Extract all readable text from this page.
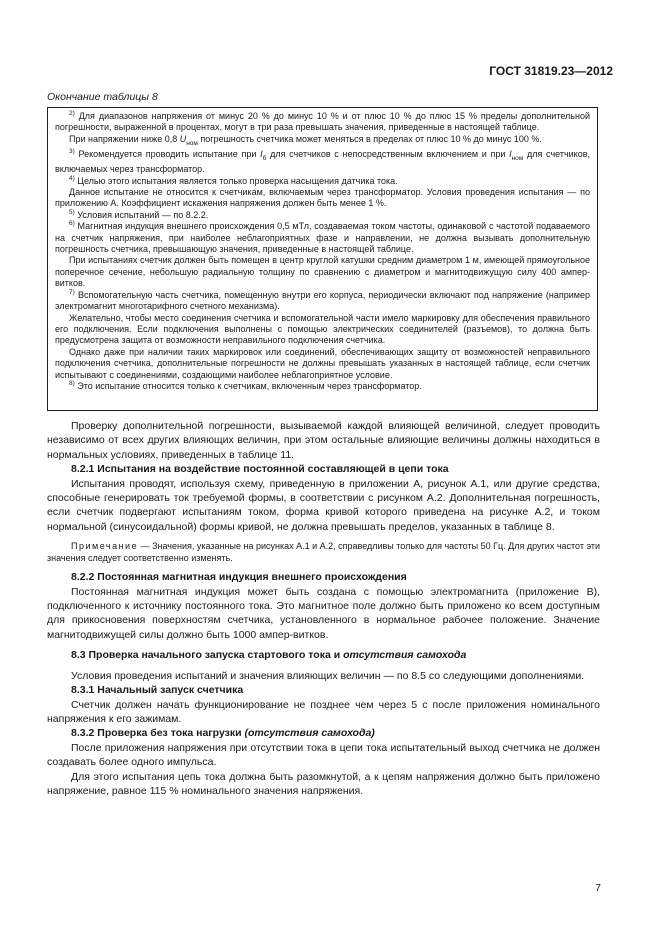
ГОСТ 31819.23—2012
Окончание таблицы 8

$^{2)}$ Для диапазонов напряжения от минус 20 % до минус 10 % и от плюс 10 % до плюс 15 % пределы дополнительной погрешности, выраженной в процентах, могут в три раза превышать значения, приведенные в настоящей таблице.

При напряжении ниже 0,8 $U_{ном}$ погрешность счетчика может меняться в пределах от плюс 10 % до минус 100 %.

$^{3)}$ Рекомендуется проводить испытание при $I_б$ для счетчиков с непосредственным включением и при $I_{ном}$ для счетчиков, включаемых через трансформатор.

$^{4)}$ Целью этого испытания является только проверка насыщения датчика тока.

Данное испытание не относится к счетчикам, включаемым через трансформатор. Условия проведения испытания — по приложению А. Коэффициент искажения напряжения должен быть менее 1 %.

$^{5)}$ Условия испытаний — по 8.2.2.

$^{6)}$ Магнитная индукция внешнего происхождения 0,5 мТл, создаваемая током частоты, одинаковой с частотой подаваемого на счетчик напряжения, при наиболее неблагоприятных фазе и направлении, не должна вызывать дополнительную погрешность счетчика, превышающую значения, приведенные в настоящей таблице.

При испытаниях счетчик должен быть помещен в центр круглой катушки средним диаметром 1 м, имеющей прямоугольное поперечное сечение, небольшую радиальную толщину по сравнению с диаметром и магнитодвижущую силу 400 ампер-витков.

$^{7)}$ Вспомогательную часть счетчика, помещенную внутри его корпуса, периодически включают под напряжение (например электромагнит многотарифного счетного механизма).

Желательно, чтобы место соединения счетчика и вспомогательной части имело маркировку для обеспечения правильного его подключения. Если подключения выполнены с помощью электрических соединителей (разъемов), то должна быть предусмотрена защита от возможности неправильного подключения счетчика.

Однако даже при наличии таких маркировок или соединений, обеспечивающих защиту от возможностей неправильного подключения счетчика, дополнительные погрешности не должны превышать указанных в настоящей таблице, если счетчик испытывают с соединениями, создающими наиболее неблагоприятное условие.

$^{8)}$ Это испытание относится только к счетчикам, включенным через трансформатор.

Проверку дополнительной погрешности, вызываемой каждой влияющей величиной, следует проводить независимо от всех других влияющих величин, при этом остальные влияющие величины должны находиться в нормальных условиях, приведенных в таблице 11.

8.2.1 Испытания на воздействие постоянной составляющей в цепи тока

Испытания проводят, используя схему, приведенную в приложении А, рисунок А.1, или другие средства, способные генерировать ток требуемой формы, в соответствии с рисунком А.2. Дополнительная погрешность, если счетчик подвергают испытаниям током, форма кривой которого приведена на рисунке А.2, и током нормальной (синусоидальной) формы кривой, не должна превышать пределов, указанных в таблице 8.

Примечание — Значения, указанные на рисунках А.1 и А.2, справедливы только для частоты 50 Гц. Для других частот эти значения следует соответственно изменять.

8.2.2 Постоянная магнитная индукция внешнего происхождения

Постоянная магнитная индукция может быть создана с помощью электромагнита (приложение В), подключенного к источнику постоянного тока. Это магнитное поле должно быть приложено ко всем доступным для прикосновения поверхностям счетчика, установленного в нормальное рабочее положение. Значение магнитодвижущей силы должно быть 1000 ампер-витков.

8.3 Проверка начального запуска стартового тока и отсутствия самохода

Условия проведения испытаний и значения влияющих величин — по 8.5 со следующими дополнениями.

8.3.1 Начальный запуск счетчика

Счетчик должен начать функционирование не позднее чем через 5 с после приложения номинального напряжения к его зажимам.

8.3.2 Проверка без тока нагрузки (отсутствия самохода)

После приложения напряжения при отсутствии тока в цепи тока испытательный выход счетчика не должен создавать более одного импульса.

Для этого испытания цепь тока должна быть разомкнутой, а к цепям напряжения должно быть приложено напряжение, равное 115 % номинального значения напряжения.

7
